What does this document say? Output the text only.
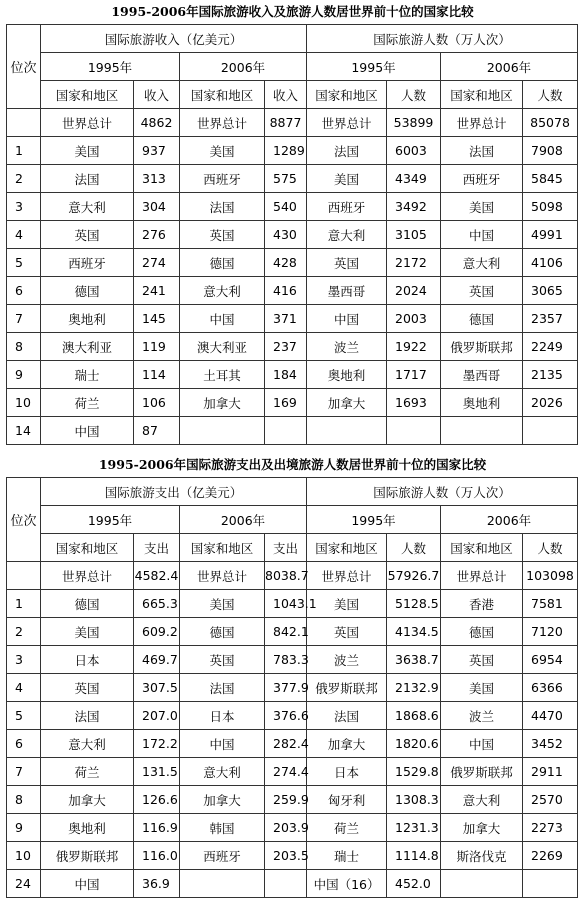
1995-2006年国际旅游收入及旅游人数居世界前十位的国家比较
位次	国际旅游收入（亿美元）				国际旅游人数（万人次）			
	1995年		2006年		1995年		2006年	
	国家和地区	收入	国家和地区	收入	国家和地区	人数	国家和地区	人数
	世界总计	4862	世界总计	8877	世界总计	53899	世界总计	85078
1	美国	937	美国	1289	法国	6003	法国	7908
2	法国	313	西班牙	575	美国	4349	西班牙	5845
3	意大利	304	法国	540	西班牙	3492	美国	5098
4	英国	276	英国	430	意大利	3105	中国	4991
5	西班牙	274	德国	428	英国	2172	意大利	4106
6	德国	241	意大利	416	墨西哥	2024	英国	3065
7	奥地利	145	中国	371	中国	2003	德国	2357
8	澳大利亚	119	澳大利亚	237	波兰	1922	俄罗斯联邦	2249
9	瑞士	114	土耳其	184	奥地利	1717	墨西哥	2135
10	荷兰	106	加拿大	169	加拿大	1693	奥地利	2026
14	中国	87						
1995-2006年国际旅游支出及出境旅游人数居世界前十位的国家比较
位次	国际旅游支出（亿美元）				国际旅游人数（万人次）			
	1995年		2006年		1995年		2006年	
	国家和地区	支出	国家和地区	支出	国家和地区	人数	国家和地区	人数
	世界总计	4582.4	世界总计	8038.7	世界总计	57926.7	世界总计	103098
1	德国	665.3	美国	1043.1	美国	5128.5	香港	7581
2	美国	609.2	德国	842.1	英国	4134.5	德国	7120
3	日本	469.7	英国	783.3	波兰	3638.7	英国	6954
4	英国	307.5	法国	377.9	俄罗斯联邦	2132.9	美国	6366
5	法国	207.0	日本	376.6	法国	1868.6	波兰	4470
6	意大利	172.2	中国	282.4	加拿大	1820.6	中国	3452
7	荷兰	131.5	意大利	274.4	日本	1529.8	俄罗斯联邦	2911
8	加拿大	126.6	加拿大	259.9	匈牙利	1308.3	意大利	2570
9	奥地利	116.9	韩国	203.9	荷兰	1231.3	加拿大	2273
10	俄罗斯联邦	116.0	西班牙	203.5	瑞士	1114.8	斯洛伐克	2269
24	中国	36.9			中国（16）	452.0		
